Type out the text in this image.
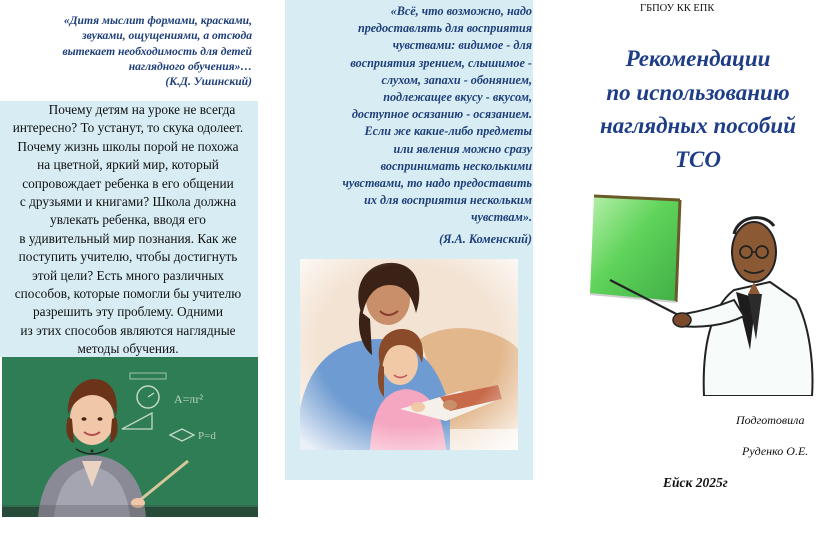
«Дитя мыслит формами, красками, звуками, ощущениями, а отсюда вытекает необходимость для детей наглядного обучения»…

(К.Д. Ушинский)
Почему детям на уроке не всегда
интересно? То устанут, то скука одолеет.
Почему жизнь школы порой не похожа
на цветной, яркий мир, который
сопровождает ребенка в его общении
с друзьями и книгами? Школа должна
увлекать ребенка, вводя его
в удивительный мир познания. Как же
поступить учителю, чтобы достигнуть
этой цели? Есть много различных
способов, которые помогли бы учителю
разрешить эту проблему. Одними
из этих способов являются наглядные
методы обучения.
A=πr²
P=d
«Всё, что возможно, надо
предоставлять для восприятия
чувствами: видимое - для
восприятия зрением, слышимое -
слухом, запахи - обонянием,
подлежащее вкусу - вкусом,
доступное осязанию - осязанием.
Если же какие-либо предметы
или явления можно сразу
воспринимать несколькими
чувствами, то надо предоставить
их для восприятия нескольким
чувствам».
(Я.А. Коменский)
ГБПОУ КК ЕПК
Рекомендации
по использованию
наглядных пособий
ТСО
Подготовила
Руденко О.Е.
Ейск 2025г
